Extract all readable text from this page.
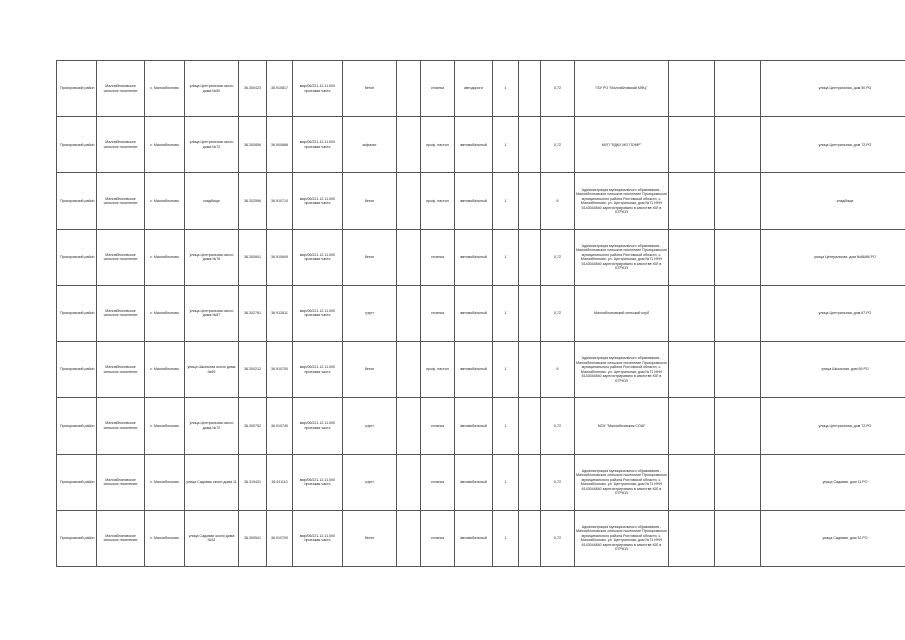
Прохоровский район	Малояблоновское сельское поселение	с. Малояблоново	улица Центральная около дома №50	36.300423	36.910817	мир/06/221.12.11.000 проезжая часть	бетон		стоянка	автодороги	1		0,72	ГБУ РО "Малоябловский МФЦ"			улица Центральная, дом 50 РО
Прохоровский район	Малояблоновское сельское поселение	с. Малояблоново	улица Центральная около дома №72	36.300856	36.900868	мир/06/221.12.11.000 проезжая часть	асфальт		проф. настил	автомобильный	1		0,72	МУП "ЯДКХ МО ПОМР"			улица Центральная, дом 72 РО
Прохоровский район	Малояблоновское сельское поселение	с. Малояблоново	кладбище	36.302596	36.910710	мир/06/221.12.11.000 проезжая часть	бетон		проф. настил	автомобильный	1		6	Администрация муниципального образования - Малояблоновское сельское поселение Прохоровского муниципального района Ростовской области, с. Малояблоново, ул. Центральная, дом №71 ИНН 6143044840 зарегистрировано в качестве ЮЛ в ЕГРЮЛ			кладбище
Прохоровский район	Малояблоновское сельское поселение	с. Малояблоново	улица Центральная около дома №76	36.300841	36.910849	мир/06/221.12.11.000 проезжая часть	бетон		стоянка	автомобильный	1		0,72	Администрация муниципального образования - Малояблоновское сельское поселение Прохоровского муниципального района Ростовской области, с. Малояблоново, ул. Центральная, дом №71 ИНН 6143044840 зарегистрировано в качестве ЮЛ в ЕГРЮЛ			улица Центральная, дом №86/88 РО
Прохоровский район	Малояблоновское сельское поселение	с. Малояблоново	улица Центральная около дома №87	36.302761	36.912811	мир/06/221.12.11.000 проезжая часть	грунт		стоянка	автомобильный	1		0,72	Малояблоновский сельский клуб			улица Центральная, дом 87 РО
Прохоровский район	Малояблоновское сельское поселение	с. Малояблоново	улица Школьная около дома №69	36.300212	36.910700	мир/06/221.12.11.000 проезжая часть	бетон		проф. настил	автомобильный	1		6	Администрация муниципального образования - Малояблоновское сельское поселение Прохоровского муниципального района Ростовской области, с. Малояблоново, ул. Центральная, дом №71 ИНН 6143044840 зарегистрировано в качестве ЮЛ в ЕГРЮЛ			улица Школьная, дом 69 РО
Прохоровский район	Малояблоновское сельское поселение	с. Малояблоново	улица Центральная около дома №72	36.300752	36.910740	мир/06/221.12.11.000 проезжая часть	грунт		стоянка	автомобильный	1		0,72	МОУ "Малоябловская СОШ"			улица Центральная, дом 72 РО
Прохоровский район	Малояблоновское сельское поселение	с. Малояблоново	улица Садовая около дома 11	36.319431	36.911110	мир/06/221.12.11.000 проезжая часть	грунт		стоянка	автомобильный	1		0,72	Администрация муниципального образования - Малояблоновское сельское поселение Прохоровского муниципального района Ростовской области, с. Малояблоново, ул. Центральная, дом №71 ИНН 6143044840 зарегистрировано в качестве ЮЛ в ЕГРЮЛ			улица Садовая, дом 11 РО
Прохоровский район	Малояблоновское сельское поселение	с. Малояблоново	улица Садовая около дома №32	36.300541	36.910700	мир/06/221.12.11.000 проезжая часть	бетон		стоянка	автомобильный	1		0,72	Администрация муниципального образования - Малояблоновское сельское поселение Прохоровского муниципального района Ростовской области, с. Малояблоново, ул. Центральная, дом №71 ИНН 6143044840 зарегистрировано в качестве ЮЛ в ЕГРЮЛ			улица Садовая, дом 32 РО
